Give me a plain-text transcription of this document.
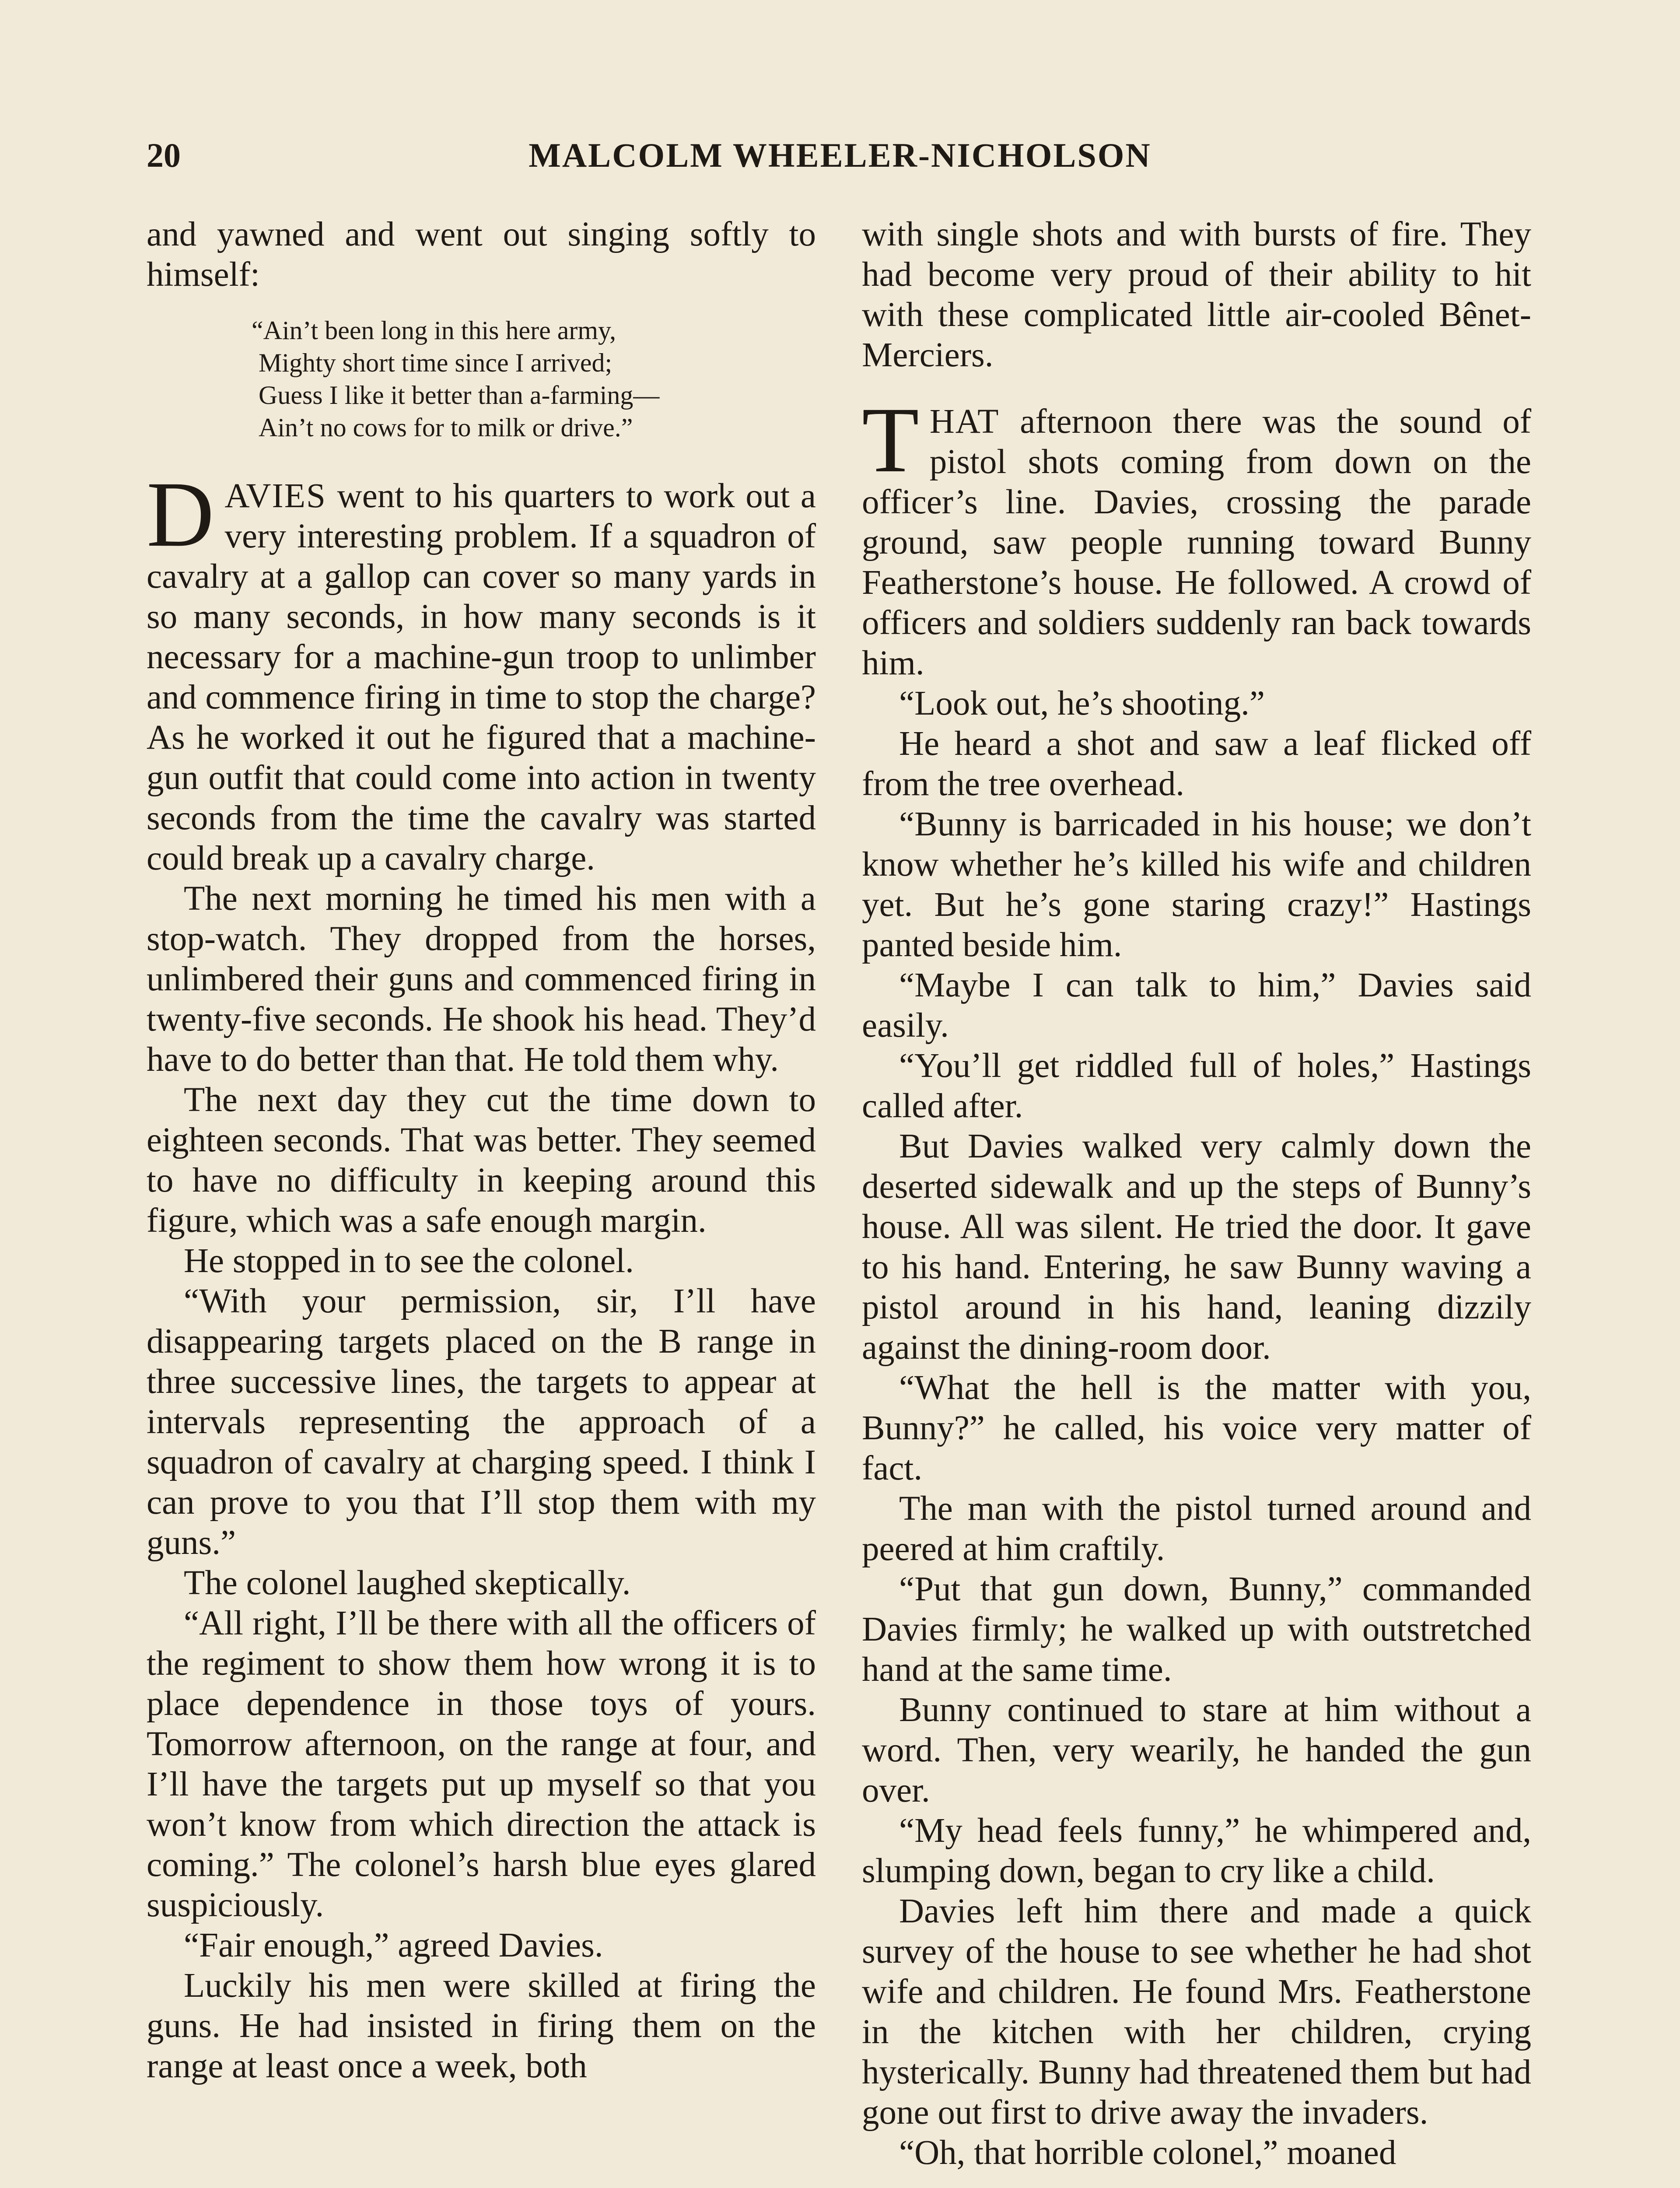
20	MALCOLM WHEELER-NICHOLSON

and yawned and went out singing softly to himself:

“Ain’t been long in this here army,
Mighty short time since I arrived;
Guess I like it better than a-farming—
Ain’t no cows for to milk or drive.”

DAVIES went to his quarters to work out a very interesting problem. If a squadron of cavalry at a gallop can cover so many yards in so many seconds, in how many seconds is it necessary for a machine-gun troop to unlimber and commence firing in time to stop the charge? As he worked it out he figured that a machine-gun outfit that could come into action in twenty seconds from the time the cavalry was started could break up a cavalry charge.

The next morning he timed his men with a stop-watch. They dropped from the horses, unlimbered their guns and commenced firing in twenty-five seconds. He shook his head. They’d have to do better than that. He told them why.

The next day they cut the time down to eighteen seconds. That was better. They seemed to have no difficulty in keeping around this figure, which was a safe enough margin.

He stopped in to see the colonel.

“With your permission, sir, I’ll have disappearing targets placed on the B range in three successive lines, the targets to appear at intervals representing the approach of a squadron of cavalry at charging speed. I think I can prove to you that I’ll stop them with my guns.”

The colonel laughed skeptically.

“All right, I’ll be there with all the officers of the regiment to show them how wrong it is to place dependence in those toys of yours. Tomorrow afternoon, on the range at four, and I’ll have the targets put up myself so that you won’t know from which direction the attack is coming.” The colonel’s harsh blue eyes glared suspiciously.

“Fair enough,” agreed Davies.

Luckily his men were skilled at firing the guns. He had insisted in firing them on the range at least once a week, both

with single shots and with bursts of fire. They had become very proud of their ability to hit with these complicated little air-cooled Bênet-Merciers.

THAT afternoon there was the sound of pistol shots coming from down on the officer’s line. Davies, crossing the parade ground, saw people running toward Bunny Featherstone’s house. He followed. A crowd of officers and soldiers suddenly ran back towards him.

“Look out, he’s shooting.”

He heard a shot and saw a leaf flicked off from the tree overhead.

“Bunny is barricaded in his house; we don’t know whether he’s killed his wife and children yet. But he’s gone staring crazy!” Hastings panted beside him.

“Maybe I can talk to him,” Davies said easily.

“You’ll get riddled full of holes,” Hastings called after.

But Davies walked very calmly down the deserted sidewalk and up the steps of Bunny’s house. All was silent. He tried the door. It gave to his hand. Entering, he saw Bunny waving a pistol around in his hand, leaning dizzily against the dining-room door.

“What the hell is the matter with you, Bunny?” he called, his voice very matter of fact.

The man with the pistol turned around and peered at him craftily.

“Put that gun down, Bunny,” commanded Davies firmly; he walked up with outstretched hand at the same time.

Bunny continued to stare at him without a word. Then, very wearily, he handed the gun over.

“My head feels funny,” he whimpered and, slumping down, began to cry like a child.

Davies left him there and made a quick survey of the house to see whether he had shot wife and children. He found Mrs. Featherstone in the kitchen with her children, crying hysterically. Bunny had threatened them but had gone out first to drive away the invaders.

“Oh, that horrible colonel,” moaned
